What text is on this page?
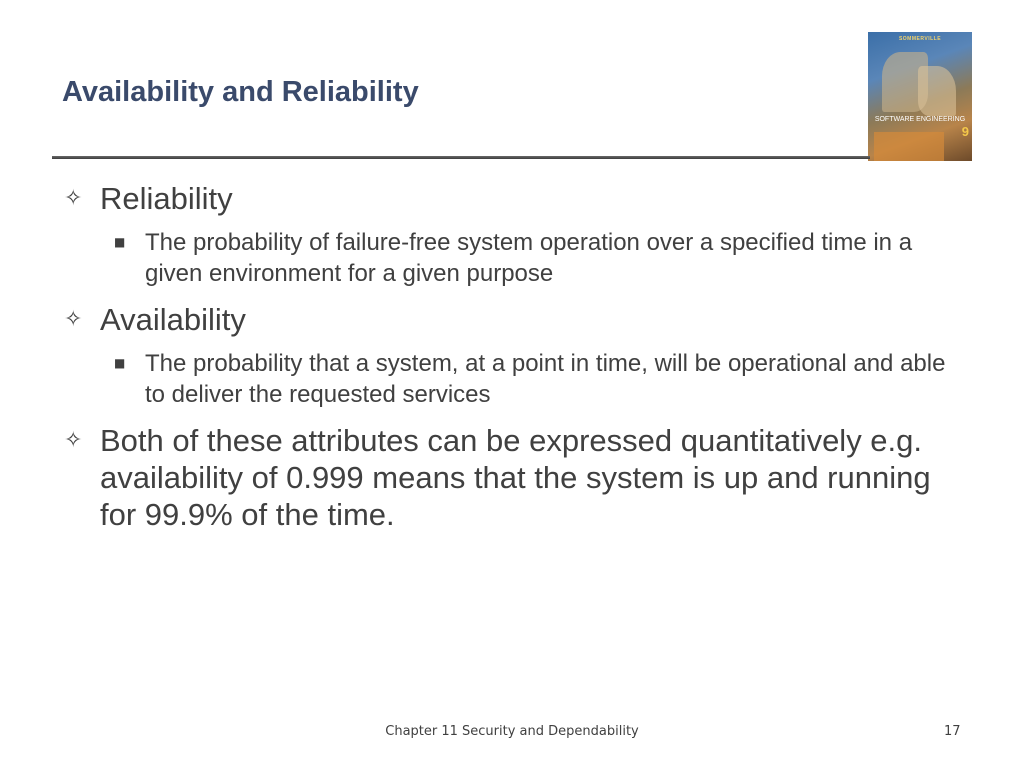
Availability and Reliability
SOMMERVILLE
SOFTWARE ENGINEERING
9
✧ Reliability
■ The probability of failure-free system operation over a specified time in a given environment for a given purpose
✧ Availability
■ The probability that a system, at a point in time, will be operational and able to deliver the requested services
✧ Both of these attributes can be expressed quantitatively e.g. availability of 0.999 means that the system is up and running for 99.9% of the time.
Chapter 11 Security and Dependability	17
